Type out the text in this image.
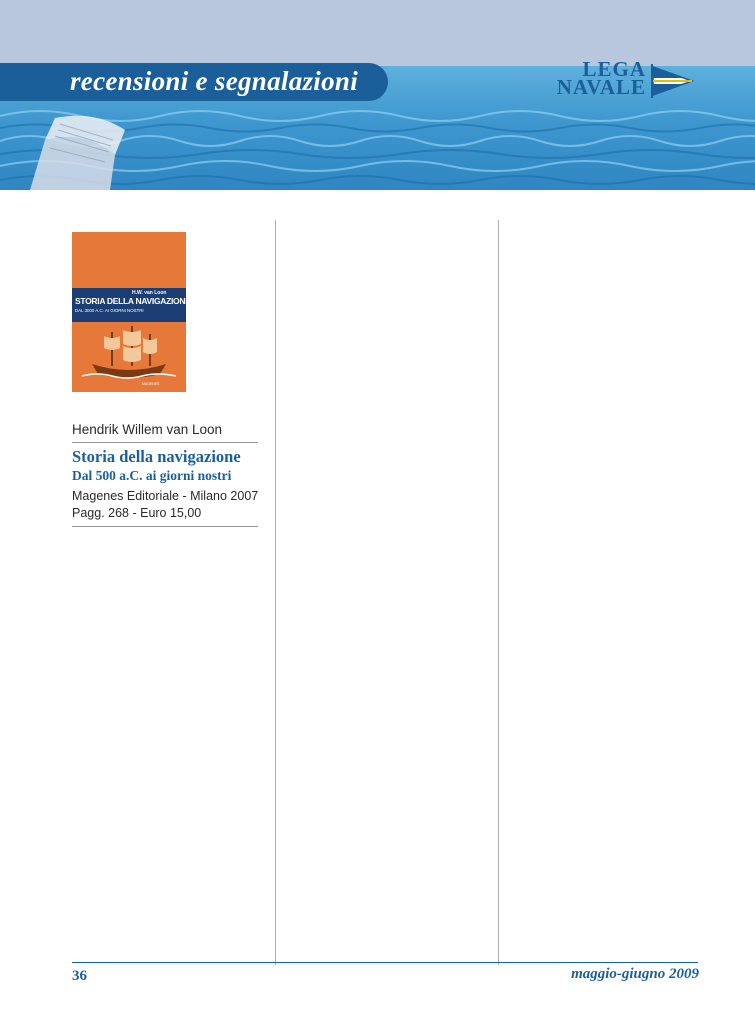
recensioni e segnalazioni	LEGA
NAVALE
H.W. van Loon
STORIA DELLA NAVIGAZIONE
DAL 3000 A.C. AI GIORNI NOSTRI
MAGENES
Hendrik Willem van Loon
Storia della navigazione
Dal 500 a.C. ai giorni nostri
Magenes Editoriale - Milano 2007
Pagg. 268 - Euro 15,00

36	maggio-giugno 2009
